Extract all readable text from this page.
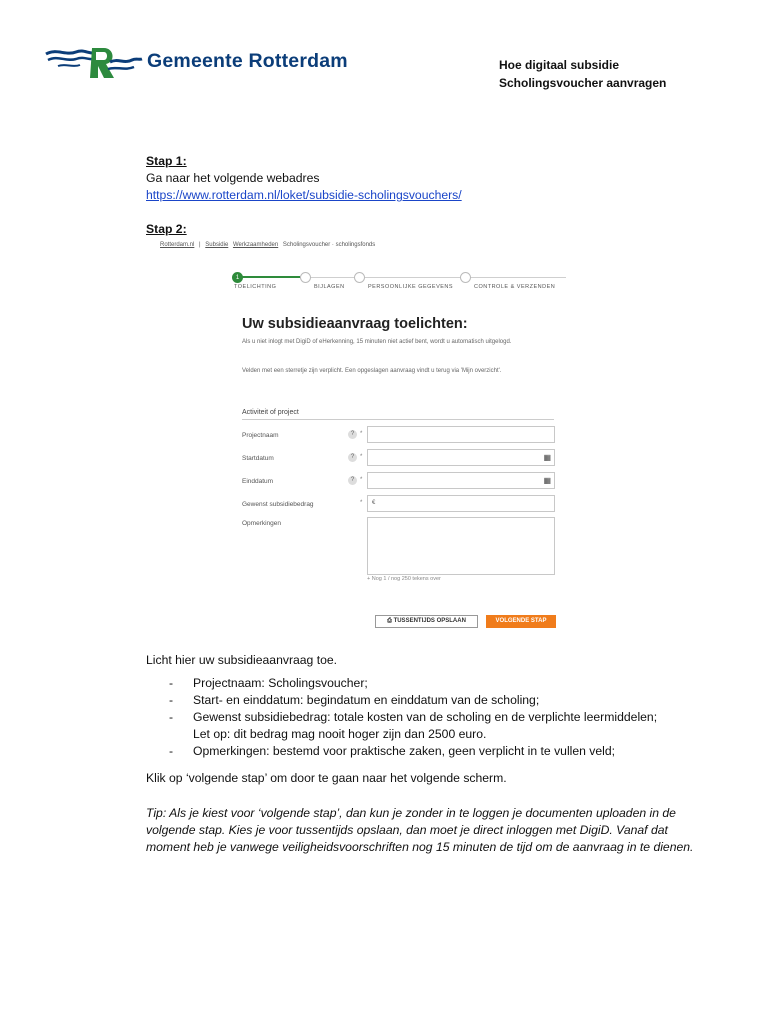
Gemeente Rotterdam	Hoe digitaal subsidie
Scholingsvoucher aanvragen
Stap 1:
Ga naar het volgende webadres
https://www.rotterdam.nl/loket/subsidie-scholingsvouchers/
Stap 2:
Rotterdam.nl | Subsidie Werkzaamheden Scholingsvoucher · scholingsfonds
1
TOELICHTING	BIJLAGEN	PERSOONLIJKE GEGEVENS	CONTROLE & VERZENDEN
Uw subsidieaanvraag toelichten:
Als u niet inlogt met DigiD of eHerkenning, 15 minuten niet actief bent, wordt u automatisch uitgelogd.
Velden met een sterretje zijn verplicht. Een opgeslagen aanvraag vindt u terug via 'Mijn overzicht'.
Activiteit of project
Projectnaam	? *
Startdatum	? *	▦
Einddatum	? *	▦
Gewenst subsidiebedrag	*	€
Opmerkingen
+ Nog 1 / nog 250 tekens over
⎙ TUSSENTIJDS OPSLAAN	VOLGENDE STAP
Licht hier uw subsidieaanvraag toe.
- Projectnaam: Scholingsvoucher;
- Start- en einddatum: begindatum en einddatum van de scholing;
- Gewenst subsidiebedrag: totale kosten van de scholing en de verplichte leermiddelen;
Let op: dit bedrag mag nooit hoger zijn dan 2500 euro.
- Opmerkingen: bestemd voor praktische zaken, geen verplicht in te vullen veld;
Klik op ‘volgende stap’ om door te gaan naar het volgende scherm.
Tip: Als je kiest voor ‘volgende stap’, dan kun je zonder in te loggen je documenten uploaden in de volgende stap. Kies je voor tussentijds opslaan, dan moet je direct inloggen met DigiD. Vanaf dat moment heb je vanwege veiligheidsvoorschriften nog 15 minuten de tijd om de aanvraag in te dienen.
